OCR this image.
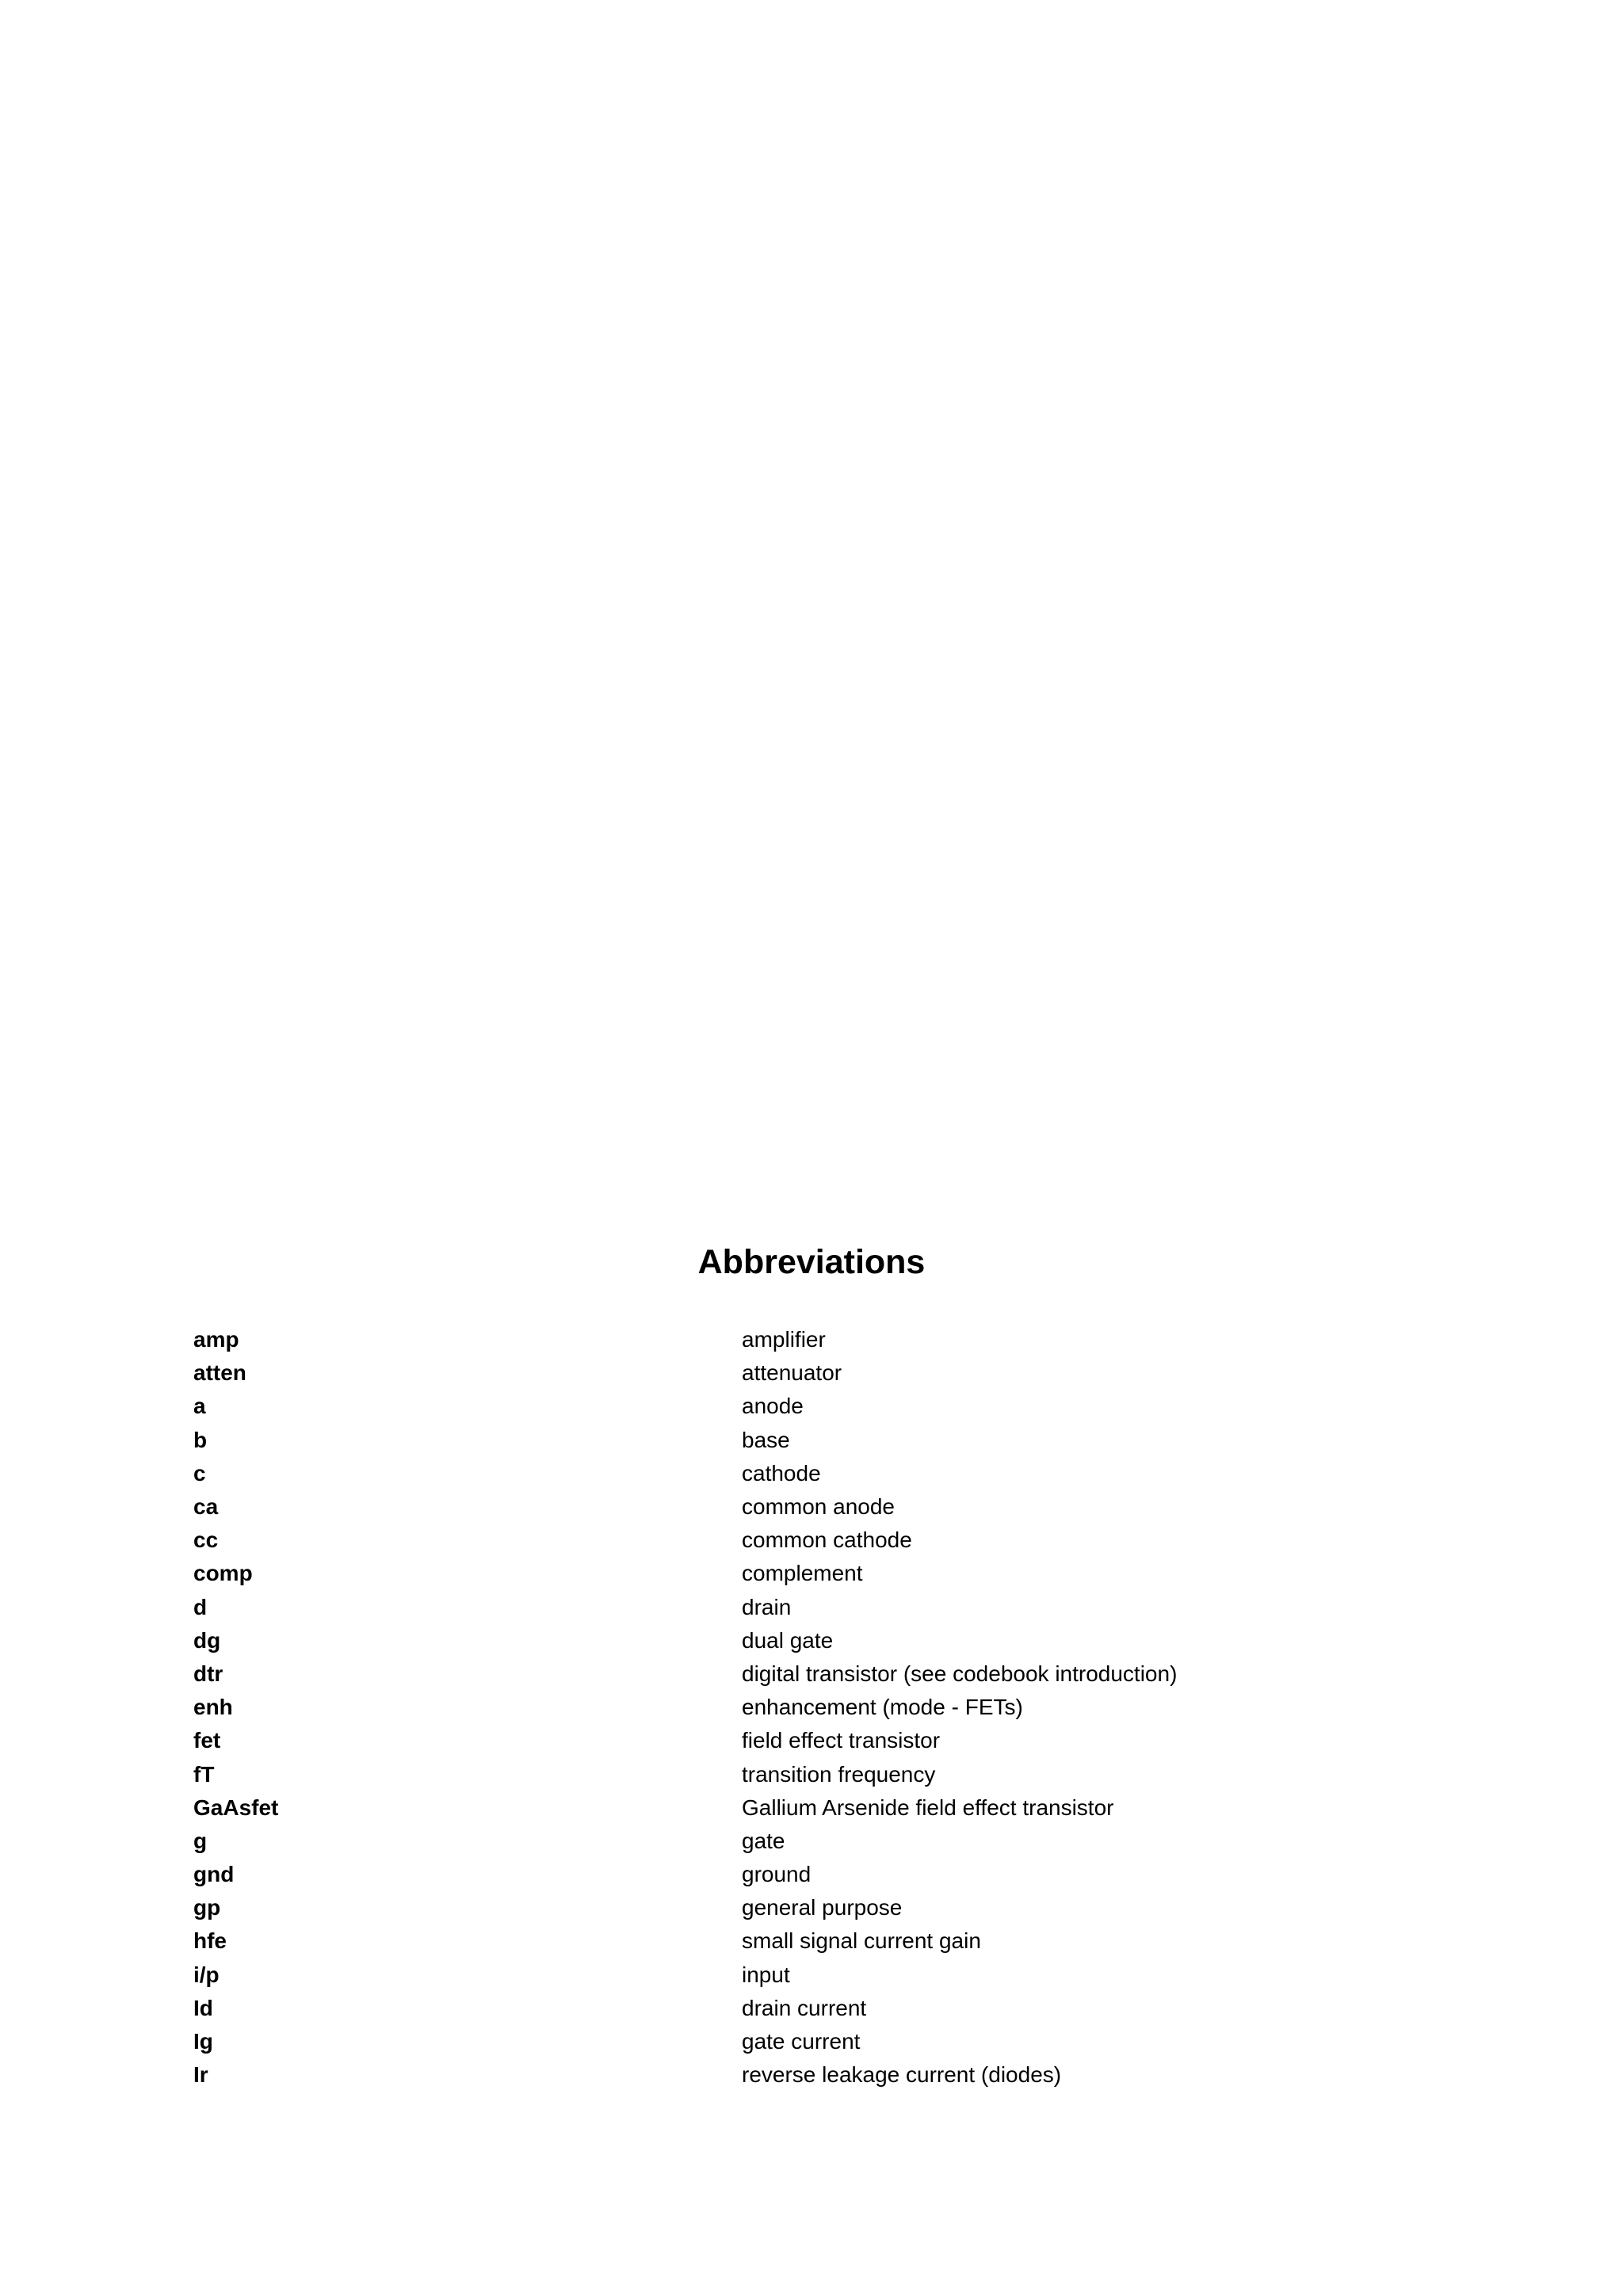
Abbreviations
amp	amplifier
atten	attenuator
a	anode
b	base
c	cathode
ca	common anode
cc	common cathode
comp	complement
d	drain
dg	dual gate
dtr	digital transistor (see codebook introduction)
enh	enhancement (mode - FETs)
fet	field effect transistor
fT	transition frequency
GaAsfet	Gallium Arsenide field effect transistor
g	gate
gnd	ground
gp	general purpose
hfe	small signal current gain
i/p	input
Id	drain current
Ig	gate current
Ir	reverse leakage current (diodes)
